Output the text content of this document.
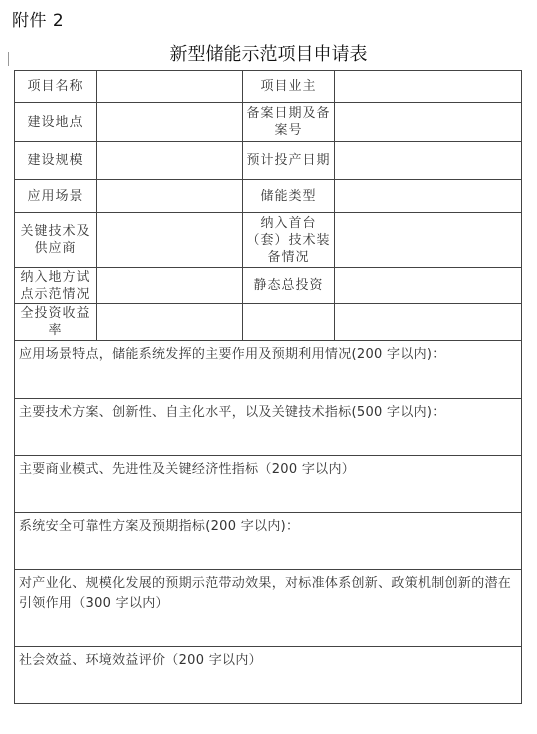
附件 2
新型储能示范项目申请表
项目名称		项目业主	
建设地点		备案日期及备案号	
建设规模		预计投产日期	
应用场景		储能类型	
关键技术及供应商		纳入首台（套）技术装备情况	
纳入地方试点示范情况		静态总投资	
全投资收益率			
应用场景特点，储能系统发挥的主要作用及预期利用情况(200 字以内)：			
主要技术方案、创新性、自主化水平，以及关键技术指标(500 字以内)：			
主要商业模式、先进性及关键经济性指标（200 字以内）			
系统安全可靠性方案及预期指标(200 字以内)：			
对产业化、规模化发展的预期示范带动效果，对标准体系创新、政策机制创新的潜在引领作用（300 字以内）			
社会效益、环境效益评价（200 字以内）			
